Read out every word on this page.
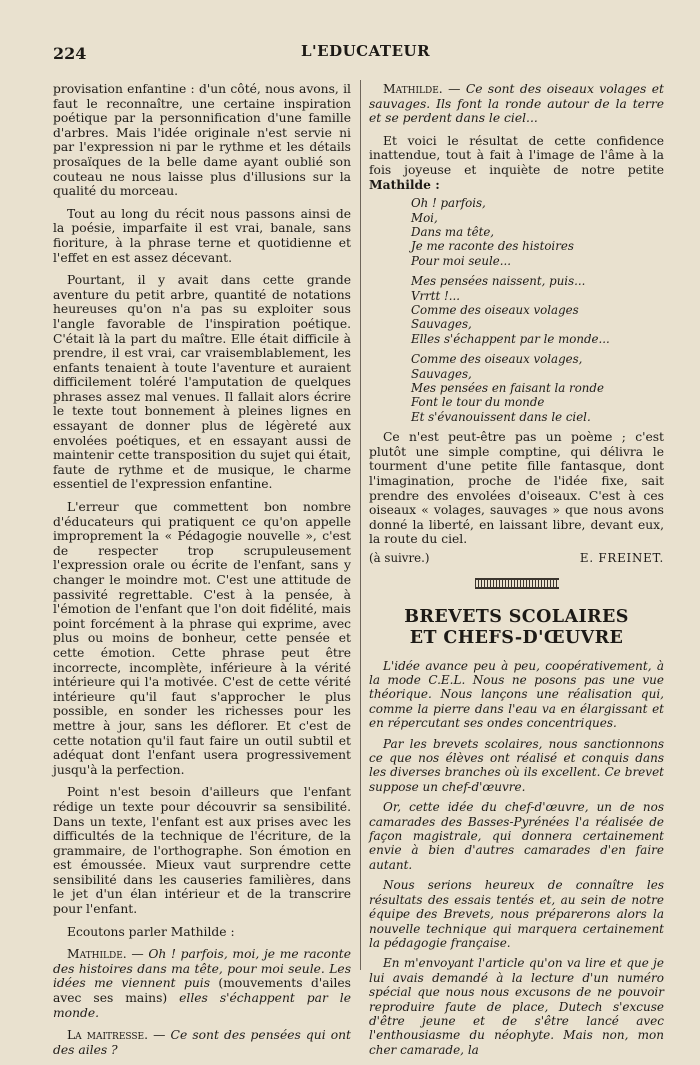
224	L'EDUCATEUR

provisation enfantine : d'un côté, nous avons, il faut le reconnaître, une certaine inspiration poétique par la personnification d'une famille d'arbres. Mais l'idée originale n'est servie ni par l'expression ni par le rythme et les détails prosaïques de la belle dame ayant oublié son couteau ne nous laisse plus d'illusions sur la qualité du morceau.

Tout au long du récit nous passons ainsi de la poésie, imparfaite il est vrai, banale, sans fioriture, à la phrase terne et quotidienne et l'effet en est assez décevant.

Pourtant, il y avait dans cette grande aventure du petit arbre, quantité de notations heureuses qu'on n'a pas su exploiter sous l'angle favorable de l'inspiration poétique. C'était là la part du maître. Elle était difficile à prendre, il est vrai, car vraisemblablement, les enfants tenaient à toute l'aventure et auraient difficilement toléré l'amputation de quelques phrases assez mal venues. Il fallait alors écrire le texte tout bonnement à pleines lignes en essayant de donner plus de légèreté aux envolées poétiques, et en essayant aussi de maintenir cette transposition du sujet qui était, faute de rythme et de musique, le charme essentiel de l'expression enfantine.

L'erreur que commettent bon nombre d'éducateurs qui pratiquent ce qu'on appelle improprement la « Pédagogie nouvelle », c'est de respecter trop scrupuleusement l'expression orale ou écrite de l'enfant, sans y changer le moindre mot. C'est une attitude de passivité regrettable. C'est à la pensée, à l'émotion de l'enfant que l'on doit fidélité, mais point forcément à la phrase qui exprime, avec plus ou moins de bonheur, cette pensée et cette émotion. Cette phrase peut être incorrecte, incomplète, inférieure à la vérité intérieure qui l'a motivée. C'est de cette vérité intérieure qu'il faut s'approcher le plus possible, en sonder les richesses pour les mettre à jour, sans les déflorer. Et c'est de cette notation qu'il faut faire un outil subtil et adéquat dont l'enfant usera progressivement jusqu'à la perfection.

Point n'est besoin d'ailleurs que l'enfant rédige un texte pour découvrir sa sensibilité. Dans un texte, l'enfant est aux prises avec les difficultés de la technique de l'écriture, de la grammaire, de l'orthographe. Son émotion en est émoussée. Mieux vaut surprendre cette sensibilité dans les causeries familières, dans le jet d'un élan intérieur et de la transcrire pour l'enfant.

Ecoutons parler Mathilde :

Mathilde. — Oh ! parfois, moi, je me raconte des histoires dans ma tête, pour moi seule. Les idées me viennent puis (mouvements d'ailes avec ses mains) elles s'échappent par le monde.

La maitresse. — Ce sont des pensées qui ont des ailes ?

Mathilde. — Ce sont des oiseaux volages et sauvages. Ils font la ronde autour de la terre et se perdent dans le ciel...

Et voici le résultat de cette confidence inattendue, tout à fait à l'image de l'âme à la fois joyeuse et inquiète de notre petite Mathilde :

Oh ! parfois,
Moi,
Dans ma tête,
Je me raconte des histoires
Pour moi seule...
Mes pensées naissent, puis...
Vrrtt !...
Comme des oiseaux volages
Sauvages,
Elles s'échappent par le monde...
Comme des oiseaux volages,
Sauvages,
Mes pensées en faisant la ronde
Font le tour du monde
Et s'évanouissent dans le ciel.

Ce n'est peut-être pas un poème ; c'est plutôt une simple comptine, qui délivra le tourment d'une petite fille fantasque, dont l'imagination, proche de l'idée fixe, sait prendre des envolées d'oiseaux. C'est à ces oiseaux « volages, sauvages » que nous avons donné la liberté, en laissant libre, devant eux, la route du ciel.

(à suivre.)	E. FREINET.
BREVETS SCOLAIRES
ET CHEFS-D'ŒUVRE

L'idée avance peu à peu, coopérativement, à la mode C.E.L. Nous ne posons pas une vue théorique. Nous lançons une réalisation qui, comme la pierre dans l'eau va en élargissant et en répercutant ses ondes concentriques.

Par les brevets scolaires, nous sanctionnons ce que nos élèves ont réalisé et conquis dans les diverses branches où ils excellent. Ce brevet suppose un chef-d'œuvre.

Or, cette idée du chef-d'œuvre, un de nos camarades des Basses-Pyrénées l'a réalisée de façon magistrale, qui donnera certainement envie à bien d'autres camarades d'en faire autant.

Nous serions heureux de connaître les résultats des essais tentés et, au sein de notre équipe des Brevets, nous préparerons alors la nouvelle technique qui marquera certainement la pédagogie française.

En m'envoyant l'article qu'on va lire et que je lui avais demandé à la lecture d'un numéro spécial que nous nous excusons de ne pouvoir reproduire faute de place, Dutech s'excuse d'être jeune et de s'être lancé avec l'enthousiasme du néophyte. Mais non, mon cher camarade, la
